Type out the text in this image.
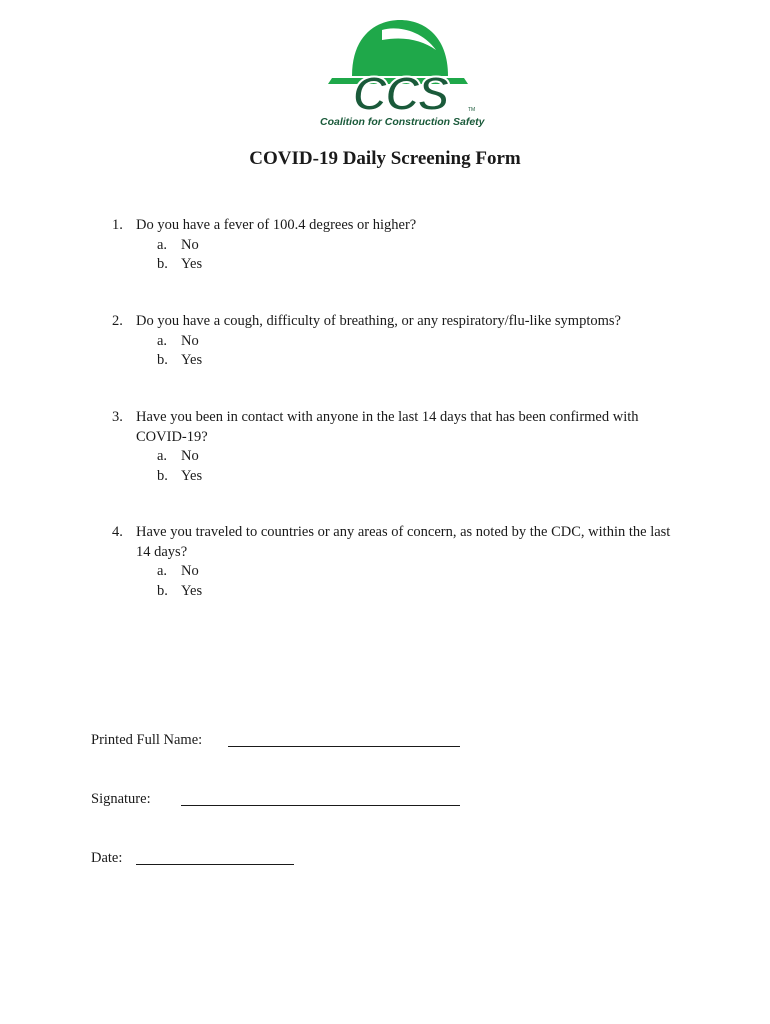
CCS	TM
Coalition for Construction Safety
COVID-19 Daily Screening Form
1. Do you have a fever of 100.4 degrees or higher?
a. No
b. Yes
2. Do you have a cough, difficulty of breathing, or any respiratory/flu-like symptoms?
a. No
b. Yes
3. Have you been in contact with anyone in the last 14 days that has been confirmed with COVID-19?
a. No
b. Yes
4. Have you traveled to countries or any areas of concern, as noted by the CDC, within the last 14 days?
a. No
b. Yes
Printed Full Name:
Signature:
Date:
